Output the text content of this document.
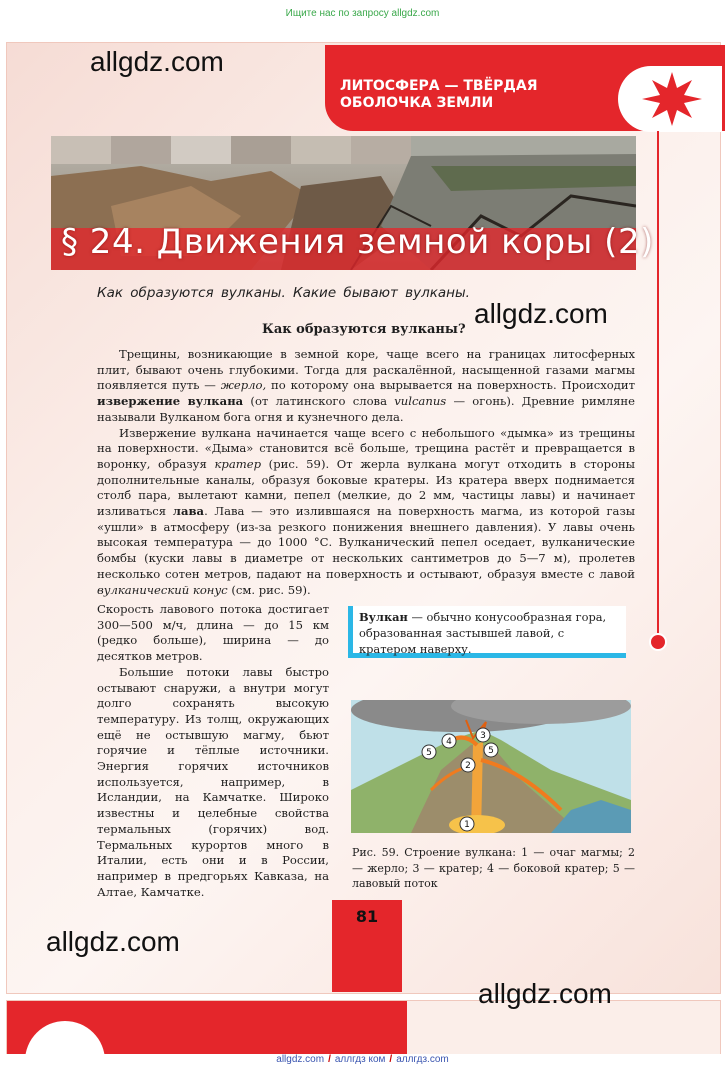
Ищите нас по запросу allgdz.com
ЛИТОСФЕРА — ТВЁРДАЯ ОБОЛОЧКА ЗЕМЛИ
§ 24. Движения земной коры (2)
Как образуются вулканы. Какие бывают вулканы.
Как образуются вулканы?

Трещины, возникающие в земной коре, чаще всего на границах литосферных плит, бывают очень глубокими. Тогда для раскалённой, насыщенной газами магмы появляется путь — жерло, по которому она вырывается на поверхность. Происходит извержение вулкана (от латинского слова vulcanus — огонь). Древние римляне называли Вулканом бога огня и кузнечного дела.

Извержение вулкана начинается чаще всего с небольшого «дымка» из трещины на поверхности. «Дыма» становится всё больше, трещина растёт и превращается в воронку, образуя кратер (рис. 59). От жерла вулкана могут отходить в стороны дополнительные каналы, образуя боковые кратеры. Из кратера вверх поднимается столб пара, вылетают камни, пепел (мелкие, до 2 мм, частицы лавы) и начинает изливаться лава. Лава — это излившаяся на поверхность магма, из которой газы «ушли» в атмосферу (из-за резкого понижения внешнего давления). У лавы очень высокая температура — до 1000 °С. Вулканический пепел оседает, вулканические бомбы (куски лавы в диаметре от нескольких сантиметров до 5—7 м), пролетев несколько сотен метров, падают на поверхность и остывают, образуя вместе с лавой вулканический конус (см. рис. 59).

Скорость лавового потока достигает 300—500 м/ч, длина — до 15 км (редко больше), ширина — до десятков метров.

Большие потоки лавы быстро остывают снаружи, а внутри могут долго сохранять высокую температуру. Из толщ, окружающих ещё не остывшую магму, бьют горячие и тёплые источники. Энергия горячих источников используется, например, в Исландии, на Камчатке. Широко известны и целебные свойства термальных (горячих) вод. Термальных курортов много в Италии, есть они и в России, например в предгорьях Кавказа, на Алтае, Камчатке.

Вулкан — обычно конусообразная гора, образованная застывшей лавой, с кратером наверху.
1
2
3
4
5	5
Рис. 59. Строение вулкана: 1 — очаг магмы; 2 — жерло; 3 — кратер; 4 — боковой кратер; 5 — лавовый поток
81
allgdz.com
allgdz.com
allgdz.com
allgdz.com
allgdz.com / аллгдз ком / аллгдз.com
